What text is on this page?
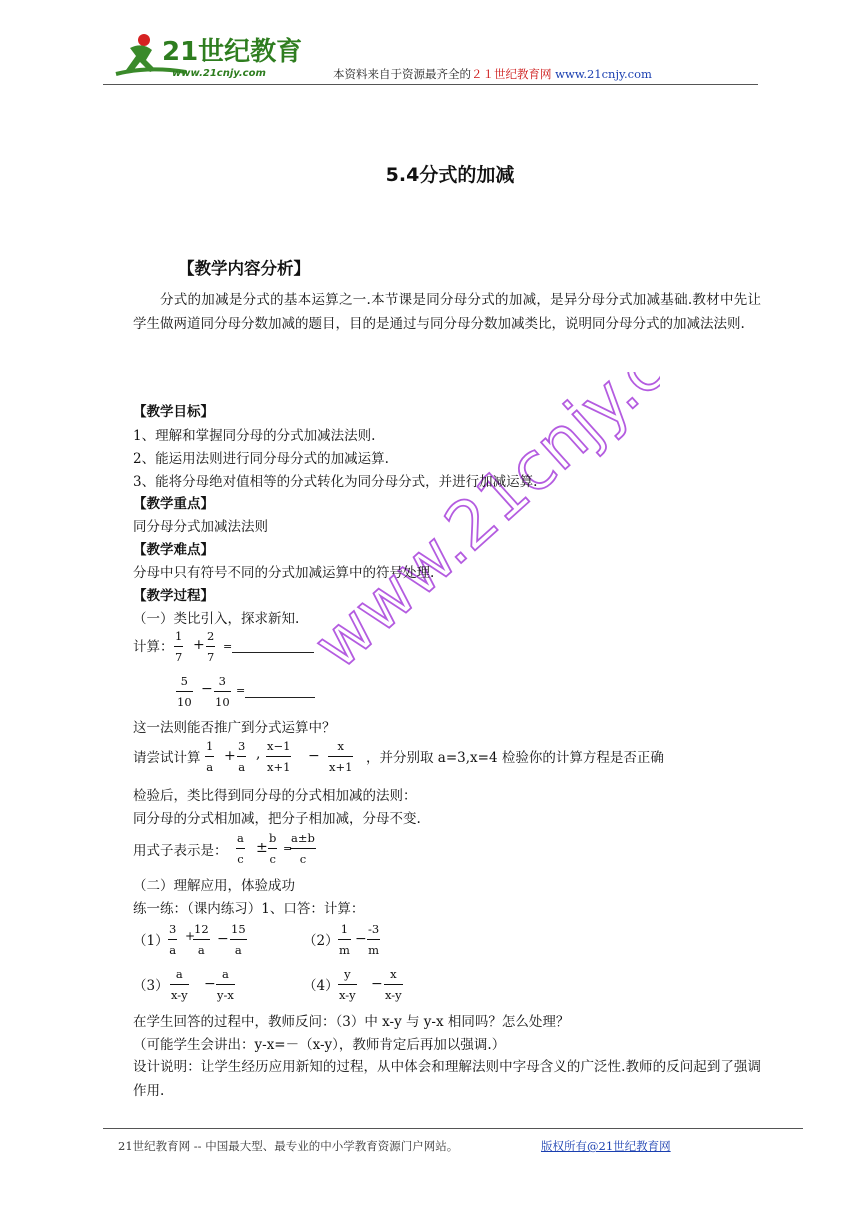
21世纪教育
www.21cnjy.com	本资料来自于资源最齐全的２１世纪教育网 www.21cnjy.com
www.21cnjy.com
5.4分式的加减
【教学内容分析】
分式的加减是分式的基本运算之一.本节课是同分母分式的加减，是异分母分式加减基础.教材中先让学生做两道同分母分数加减的题目，目的是通过与同分母分数加减类比，说明同分母分式的加减法法则.
【教学目标】
1、理解和掌握同分母的分式加减法法则.
2、能运用法则进行同分母分式的加减运算.
3、能将分母绝对值相等的分式转化为同分母分式，并进行加减运算.
【教学重点】
同分母分式加减法法则
【教学难点】
分母中只有符号不同的分式加减运算中的符号处理.
【教学过程】
（一）类比引入，探求新知.
计算：
1
7
+
2
7
=
5
10
− 3
10
=
这一法则能否推广到分式运算中？
请尝试计算
1
a
+
3
a
, x−1
x+1
−
x
x+1
，并分别取 a=3,x=4 检验你的计算方程是否正确
检验后，类比得到同分母的分式相加减的法则：
同分母的分式相加减，把分子相加减，分母不变.
用式子表示是：
a
c
±
b
c
=
a±b
c
（二）理解应用，体验成功
练一练：（课内练习）1、口答：计算：
（1）
3
a
+
12
a
−
15
a
（2）
1
m
−
-3
m
（3）
a
x-y
−
a
y-x
（4）
y
x-y
−
x
x-y
在学生回答的过程中，教师反问：（3）中 x-y 与 y-x 相同吗？怎么处理？
（可能学生会讲出：y-x=－（x-y），教师肯定后再加以强调.）
设计说明：让学生经历应用新知的过程，从中体会和理解法则中字母含义的广泛性.教师的反问起到了强调作用.
21世纪教育网 -- 中国最大型、最专业的中小学教育资源门户网站。	版权所有@21世纪教育网
